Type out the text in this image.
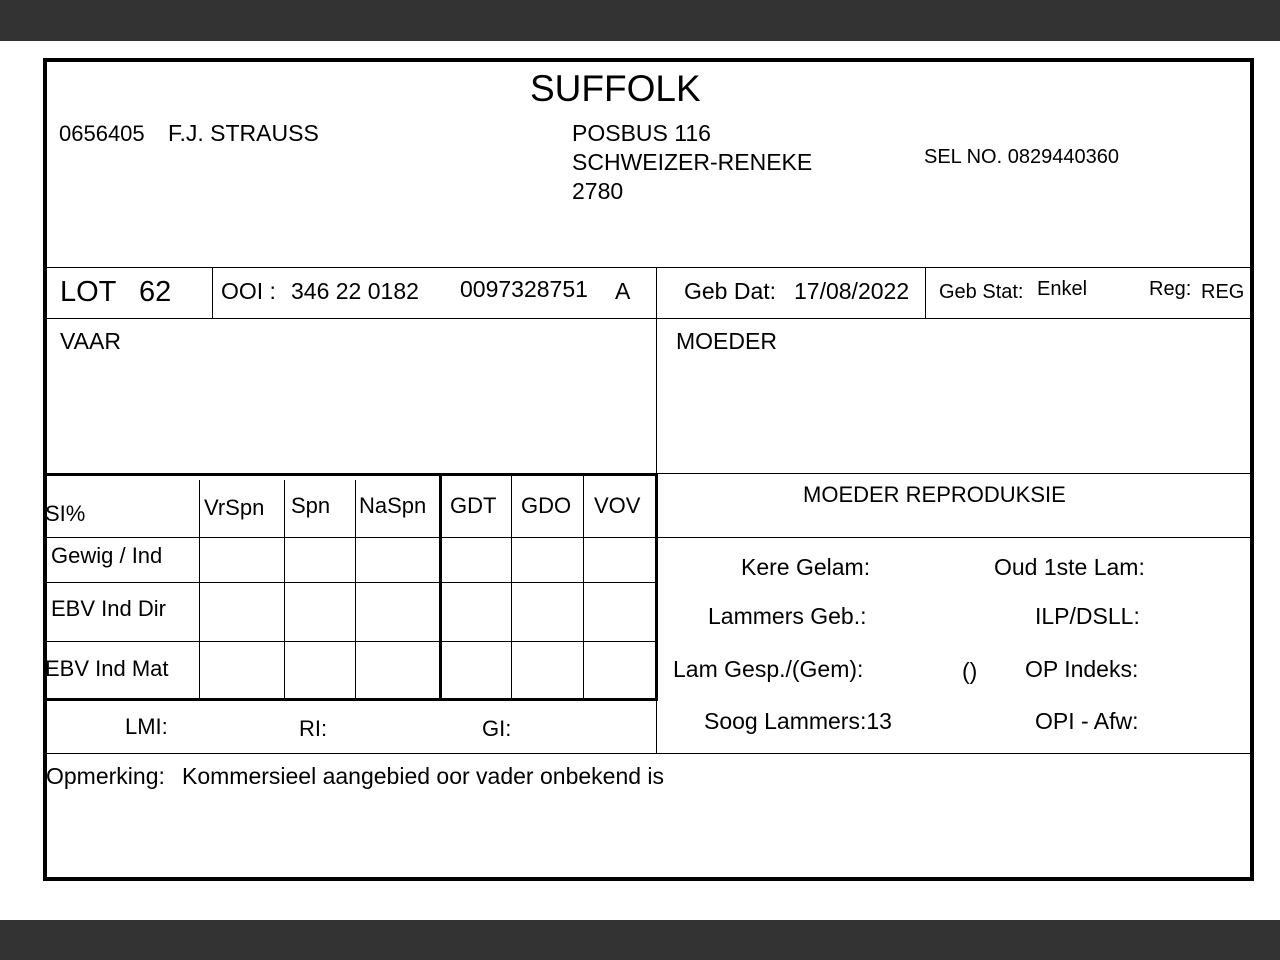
SUFFOLK
0656405 F.J. STRAUSS	POSBUS 116
SCHWEIZER-RENEKE
2780
SEL NO. 0829440360
LOT 62 OOI : 346 22 0182 0097328751 A Geb Dat: 17/08/2022 Geb Stat: Enkel	Reg: REG
VAAR	MOEDER
SI%	VrSpn Spn NaSpn GDT GDO VOV
Gewig / Ind
EBV Ind Dir
EBV Ind Mat
LMI:	RI:	GI:
MOEDER REPRODUKSIE
Kere Gelam:	Oud 1ste Lam:
Lammers Geb.:	ILP/DSLL:
Lam Gesp./(Gem):	() OP Indeks:
Soog Lammers:13	OPI - Afw:
Opmerking: Kommersieel aangebied oor vader onbekend is
